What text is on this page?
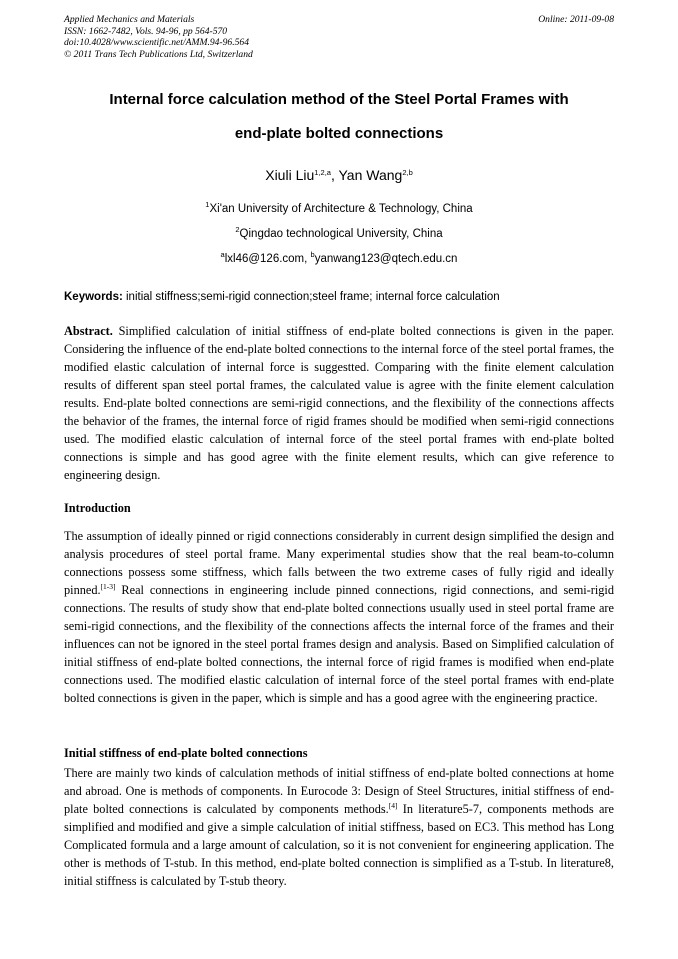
Applied Mechanics and Materials
ISSN: 1662-7482, Vols. 94-96, pp 564-570
doi:10.4028/www.scientific.net/AMM.94-96.564
© 2011 Trans Tech Publications Ltd, Switzerland
Online: 2011-09-08
Internal force calculation method of the Steel Portal Frames with
end-plate bolted connections
Xiuli Liu$^{1,2,a}$, Yan Wang$^{2,b}$
$^1$Xi'an University of Architecture & Technology, China
$^2$Qingdao technological University, China
$^a$lxl46@126.com, $^b$yanwang123@qtech.edu.cn
Keywords: initial stiffness;semi-rigid connection;steel frame; internal force calculation
Abstract. Simplified calculation of initial stiffness of end-plate bolted connections is given in the paper. Considering the influence of the end-plate bolted connections to the internal force of the steel portal frames, the modified elastic calculation of internal force is suggestted. Comparing with the finite element calculation results of different span steel portal frames, the calculated value is agree with the finite element calculation results. End-plate bolted connections are semi-rigid connections, and the flexibility of the connections affects the behavior of the frames, the internal force of rigid frames should be modified when semi-rigid connections used. The modified elastic calculation of internal force of the steel portal frames with end-plate bolted connections is simple and has good agree with the finite element results, which can give reference to engineering design.
Introduction
The assumption of ideally pinned or rigid connections considerably in current design simplified the design and analysis procedures of steel portal frame. Many experimental studies show that the real beam-to-column connections possess some stiffness, which falls between the two extreme cases of fully rigid and ideally pinned.[1-3] Real connections in engineering include pinned connections, rigid connections, and semi-rigid connections. The results of study show that end-plate bolted connections usually used in steel portal frame are semi-rigid connections, and the flexibility of the connections affects the internal force of the frames and their influences can not be ignored in the steel portal frames design and analysis. Based on Simplified calculation of initial stiffness of end-plate bolted connections, the internal force of rigid frames is modified when end-plate connections used. The modified elastic calculation of internal force of the steel portal frames with end-plate bolted connections is given in the paper, which is simple and has a good agree with the engineering practice.
Initial stiffness of end-plate bolted connections
There are mainly two kinds of calculation methods of initial stiffness of end-plate bolted connections at home and abroad. One is methods of components. In Eurocode 3: Design of Steel Structures, initial stiffness of end-plate bolted connections is calculated by components methods.[4] In literature5-7, components methods are simplified and modified and give a simple calculation of initial stiffness, based on EC3. This method has Long Complicated formula and a large amount of calculation, so it is not convenient for engineering application. The other is methods of T-stub. In this method, end-plate bolted connection is simplified as a T-stub. In literature8, initial stiffness is calculated by T-stub theory.
